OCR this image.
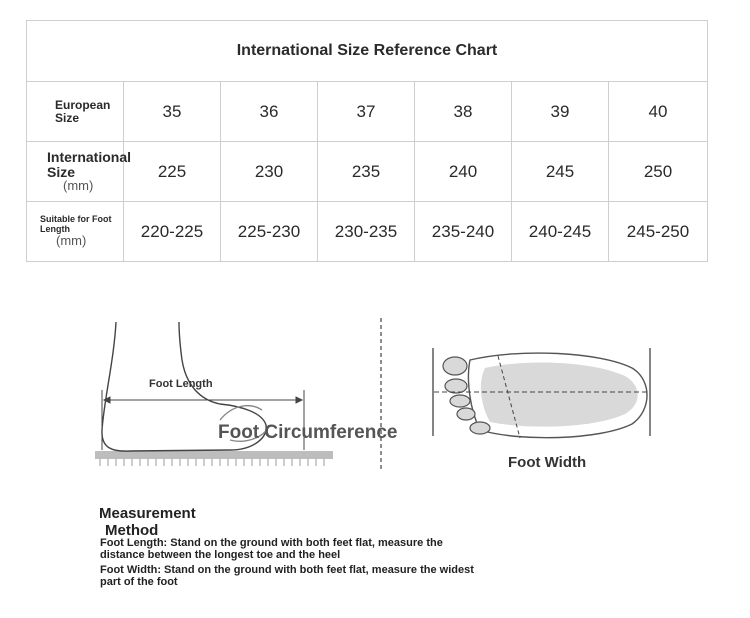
International Size Reference Chart						
European Size	35	36	37	38	39	40
International Size
(mm)	225	230	235	240	245	250
Suitable for Foot Length
(mm)	220-225	225-230	230-235	235-240	240-245	245-250
Foot Length
Foot Circumference
Foot Width
Measurement
Method
Foot Length: Stand on the ground with both feet flat, measure the distance between the longest toe and the heel
Foot Width: Stand on the ground with both feet flat, measure the widest part of the foot
